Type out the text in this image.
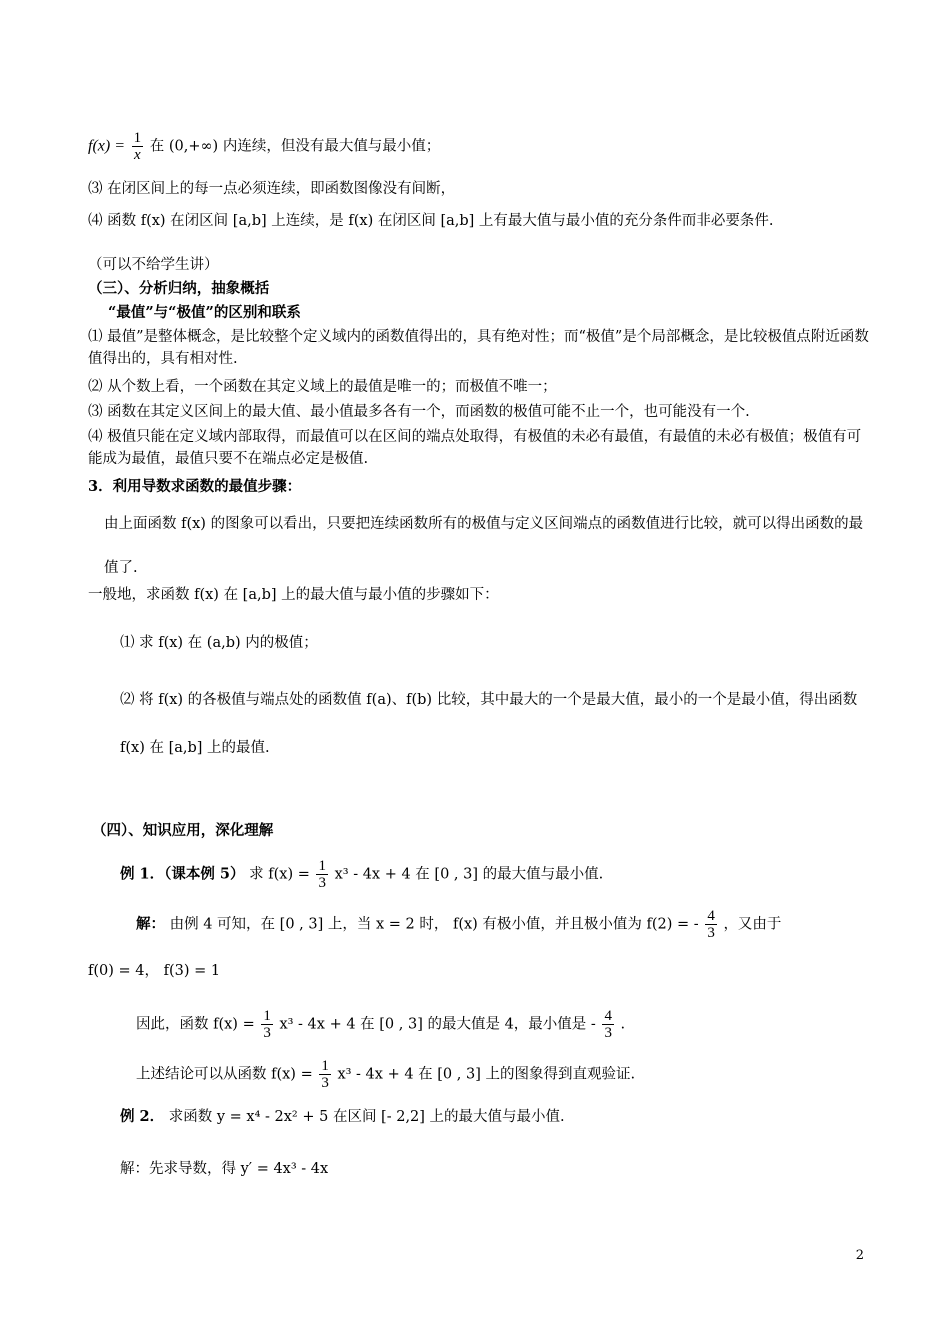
$f(x) = \frac{1}{x}$ 在 (0,+∞) 内连续，但没有最大值与最小值；
⑶ 在闭区间上的每一点必须连续，即函数图像没有间断，
⑷ 函数 f(x) 在闭区间 [a,b] 上连续，是 f(x) 在闭区间 [a,b] 上有最大值与最小值的充分条件而非必要条件.
（可以不给学生讲）
（三）、分析归纳，抽象概括
“最值”与“极值”的区别和联系
⑴ 最值”是整体概念，是比较整个定义域内的函数值得出的，具有绝对性；而“极值”是个局部概念，是比较极值点附近函数值得出的，具有相对性.
⑵ 从个数上看，一个函数在其定义域上的最值是唯一的；而极值不唯一；
⑶ 函数在其定义区间上的最大值、最小值最多各有一个，而函数的极值可能不止一个，也可能没有一个.
⑷ 极值只能在定义域内部取得，而最值可以在区间的端点处取得，有极值的未必有最值，有最值的未必有极值；极值有可能成为最值，最值只要不在端点必定是极值.
3．利用导数求函数的最值步骤：
由上面函数 f(x) 的图象可以看出，只要把连续函数所有的极值与定义区间端点的函数值进行比较，就可以得出函数的最值了.
一般地，求函数 f(x) 在 [a,b] 上的最大值与最小值的步骤如下：
⑴ 求 f(x) 在 (a,b) 内的极值；
⑵ 将 f(x) 的各极值与端点处的函数值 f(a)、f(b) 比较，其中最大的一个是最大值，最小的一个是最小值，得出函数 f(x) 在 [a,b] 上的最值.
（四）、知识应用，深化理解
例 1．（课本例 5） 求 $f(x) = \frac{1}{3} x^3 - 4x + 4$ 在 [0 , 3] 的最大值与最小值.
解： 由例 4 可知，在 [0 , 3] 上，当 x = 2 时， f(x) 有极小值，并且极小值为 f(2) = - $\frac{4}{3}$ ，又由于
f(0) = 4， f(3) = 1
因此，函数 $f(x) = \frac{1}{3} x^3 - 4x + 4$ 在 [0 , 3] 的最大值是 4，最小值是 - $\frac{4}{3}$ .
上述结论可以从函数 $f(x) = \frac{1}{3} x^3 - 4x + 4$ 在 [0 , 3] 上的图象得到直观验证.
例 2． 求函数 y = x⁴ - 2x² + 5 在区间 [- 2,2] 上的最大值与最小值.
解：先求导数，得 y′ = 4x³ - 4x
2
